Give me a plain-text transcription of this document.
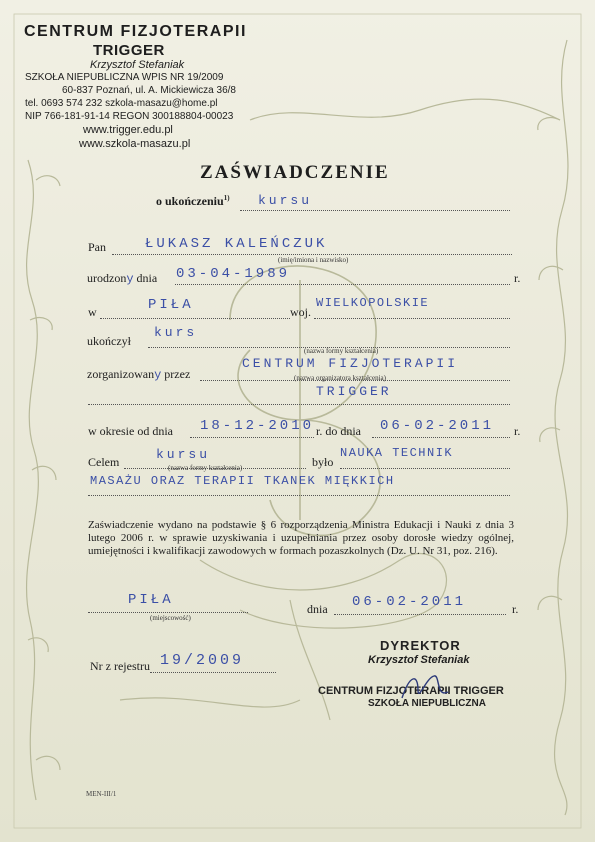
CENTRUM FIZJOTERAPII
TRIGGER
Krzysztof Stefaniak
SZKOŁA NIEPUBLICZNA WPIS NR 19/2009
60-837 Poznań, ul. A. Mickiewicza 36/8
tel. 0693 574 232 szkola-masazu@home.pl
NIP 766-181-91-14 REGON 300188804-00023
www.trigger.edu.pl
www.szkola-masazu.pl
ZAŚWIADCZENIE
o ukończeniu$^{1)}$ kursu
Pan	ŁUKASZ KALEŃCZUK
(imię/imiona i nazwisko)
urodzony dnia 03-04-1989	r.
w	PIŁA	woj.
WIELKOPOLSKIE
ukończył
kurs
(nazwa formy kształcenia)
zorganizowany przez
CENTRUM FIZJOTERAPII
(nazwa organizatora kształcenia)
TRIGGER
w okresie od dnia 18-12-2010 r. do dnia 06-02-2011 r.
Celem	kursu
(nazwa formy kształcenia)	było
NAUKA TECHNIK
MASAŻU ORAZ TERAPII TKANEK MIĘKKICH
Zaświadczenie wydano na podstawie § 6 rozporządzenia Ministra Edukacji i Nauki z dnia 3 lutego 2006 r. w sprawie uzyskiwania i uzupełniania przez osoby dorosłe wiedzy ogólnej, umiejętności i kwalifikacji zawodowych w formach pozaszkolnych (Dz. U. Nr 31, poz. 216).
PIŁA
(miejscowość)
dnia 06-02-2011	r.
DYREKTOR
Krzysztof Stefaniak
Nr z rejestru 19/2009
CENTRUM FIZJOTERAPII TRIGGER
SZKOŁA NIEPUBLICZNA
MEN-III/1
